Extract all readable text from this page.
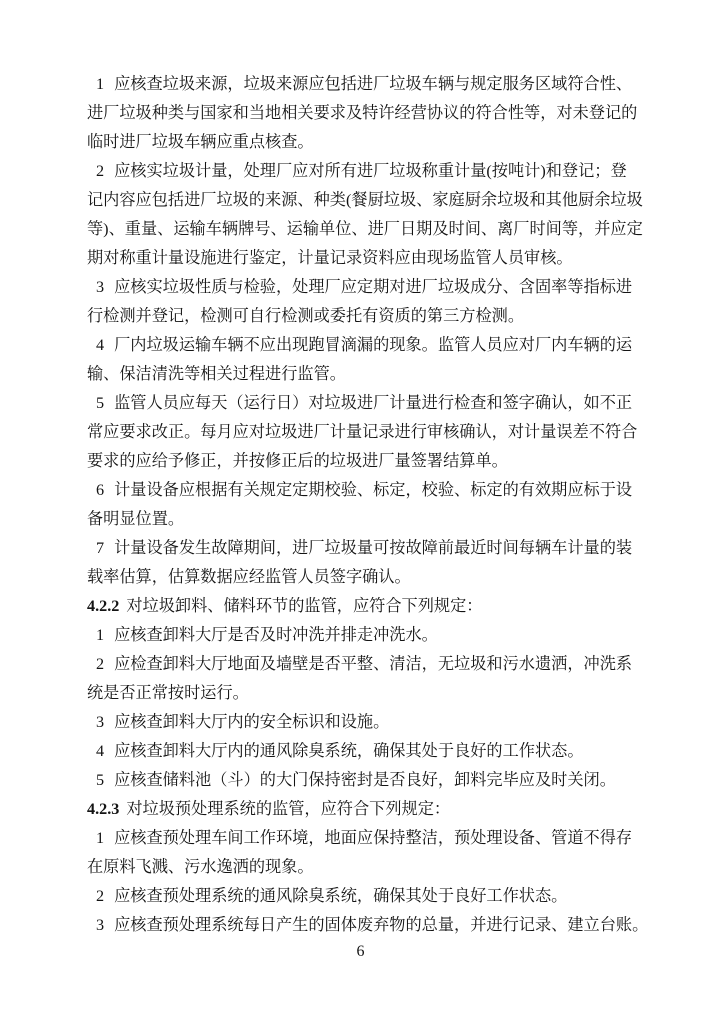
1 应核查垃圾来源，垃圾来源应包括进厂垃圾车辆与规定服务区域符合性、
进厂垃圾种类与国家和当地相关要求及特许经营协议的符合性等，对未登记的
临时进厂垃圾车辆应重点核查。
2 应核实垃圾计量，处理厂应对所有进厂垃圾称重计量(按吨计)和登记；登
记内容应包括进厂垃圾的来源、种类(餐厨垃圾、家庭厨余垃圾和其他厨余垃圾
等)、重量、运输车辆牌号、运输单位、进厂日期及时间、离厂时间等，并应定
期对称重计量设施进行鉴定，计量记录资料应由现场监管人员审核。
3 应核实垃圾性质与检验，处理厂应定期对进厂垃圾成分、含固率等指标进
行检测并登记，检测可自行检测或委托有资质的第三方检测。
4 厂内垃圾运输车辆不应出现跑冒滴漏的现象。监管人员应对厂内车辆的运
输、保洁清洗等相关过程进行监管。
5 监管人员应每天（运行日）对垃圾进厂计量进行检查和签字确认，如不正
常应要求改正。每月应对垃圾进厂计量记录进行审核确认，对计量误差不符合
要求的应给予修正，并按修正后的垃圾进厂量签署结算单。
6 计量设备应根据有关规定定期校验、标定，校验、标定的有效期应标于设
备明显位置。
7 计量设备发生故障期间，进厂垃圾量可按故障前最近时间每辆车计量的装
载率估算，估算数据应经监管人员签字确认。
4.2.2 对垃圾卸料、储料环节的监管，应符合下列规定：
1 应核查卸料大厅是否及时冲洗并排走冲洗水。
2 应检查卸料大厅地面及墙壁是否平整、清洁，无垃圾和污水遗洒，冲洗系
统是否正常按时运行。
3 应核查卸料大厅内的安全标识和设施。
4 应核查卸料大厅内的通风除臭系统，确保其处于良好的工作状态。
5 应核查储料池（斗）的大门保持密封是否良好，卸料完毕应及时关闭。
4.2.3 对垃圾预处理系统的监管，应符合下列规定：
1 应核查预处理车间工作环境，地面应保持整洁，预处理设备、管道不得存
在原料飞溅、污水逸洒的现象。
2 应核查预处理系统的通风除臭系统，确保其处于良好工作状态。
3 应核查预处理系统每日产生的固体废弃物的总量，并进行记录、建立台账。
6
